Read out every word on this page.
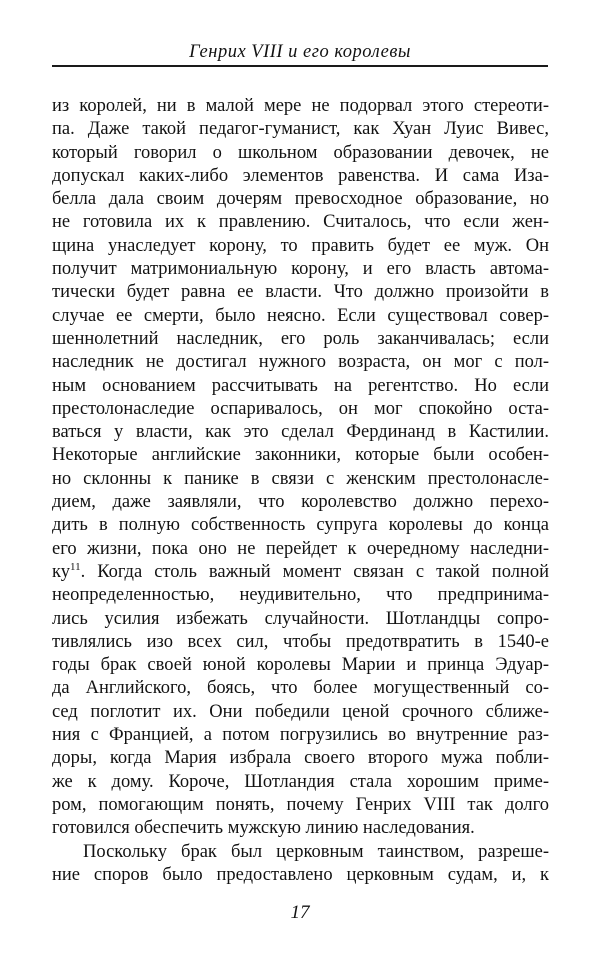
Генрих VIII и его королевы
из королей, ни в малой мере не подорвал этого стереоти-
па. Даже такой педагог-гуманист, как Хуан Луис Вивес,
который говорил о школьном образовании девочек, не
допускал каких-либо элементов равенства. И сама Иза-
белла дала своим дочерям превосходное образование, но
не готовила их к правлению. Считалось, что если жен-
щина унаследует корону, то править будет ее муж. Он
получит матримониальную корону, и его власть автома-
тически будет равна ее власти. Что должно произойти в
случае ее смерти, было неясно. Если существовал совер-
шеннолетний наследник, его роль заканчивалась; если
наследник не достигал нужного возраста, он мог с пол-
ным основанием рассчитывать на регентство. Но если
престолонаследие оспаривалось, он мог спокойно оста-
ваться у власти, как это сделал Фердинанд в Кастилии.
Некоторые английские законники, которые были особен-
но склонны к панике в связи с женским престолонасле-
дием, даже заявляли, что королевство должно перехо-
дить в полную собственность супруга королевы до конца
его жизни, пока оно не перейдет к очередному наследни-
$ку^{11}$. Когда столь важный момент связан с такой полной
неопределенностью, неудивительно, что предпринима-
лись усилия избежать случайности. Шотландцы сопро-
тивлялись изо всех сил, чтобы предотвратить в 1540-е
годы брак своей юной королевы Марии и принца Эдуар-
да Английского, боясь, что более могущественный со-
сед поглотит их. Они победили ценой срочного сближе-
ния с Францией, а потом погрузились во внутренние раз-
доры, когда Мария избрала своего второго мужа побли-
же к дому. Короче, Шотландия стала хорошим приме-
ром, помогающим понять, почему Генрих VIII так долго
готовился обеспечить мужскую линию наследования.
Поскольку брак был церковным таинством, разреше-
ние споров было предоставлено церковным судам, и, к
17
